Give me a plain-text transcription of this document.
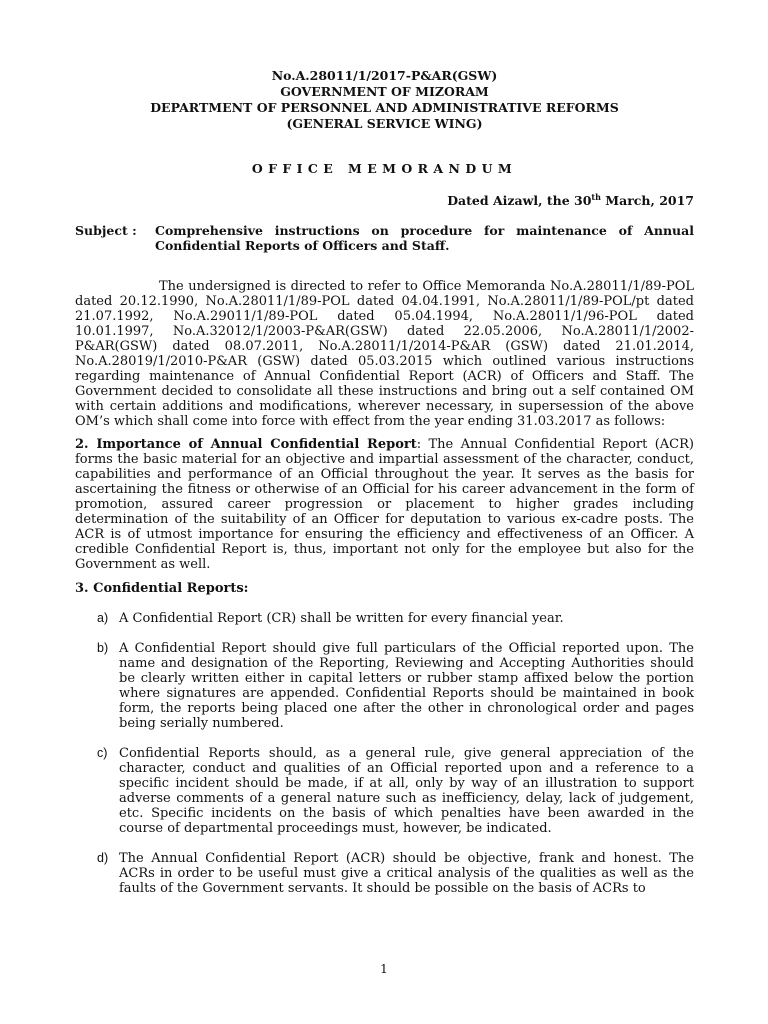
No.A.28011/1/2017-P&AR(GSW)
GOVERNMENT OF MIZORAM
DEPARTMENT OF PERSONNEL AND ADMINISTRATIVE REFORMS
(GENERAL SERVICE WING)
OFFICE MEMORANDUM
Dated Aizawl, the 30th March, 2017
Subject :	Comprehensive instructions on procedure for maintenance of Annual Confidential Reports of Officers and Staff.

The undersigned is directed to refer to Office Memoranda No.A.28011/1/89-POL dated 20.12.1990, No.A.28011/1/89-POL dated 04.04.1991, No.A.28011/1/89-POL/pt dated 21.07.1992, No.A.29011/1/89-POL dated 05.04.1994, No.A.28011/1/96-POL dated 10.01.1997, No.A.32012/1/2003-P&AR(GSW) dated 22.05.2006, No.A.28011/1/2002-P&AR(GSW) dated 08.07.2011, No.A.28011/1/2014-P&AR (GSW) dated 21.01.2014, No.A.28019/1/2010-P&AR (GSW) dated 05.03.2015 which outlined various instructions regarding maintenance of Annual Confidential Report (ACR) of Officers and Staff. The Government decided to consolidate all these instructions and bring out a self contained OM with certain additions and modifications, wherever necessary, in supersession of the above OM’s which shall come into force with effect from the year ending 31.03.2017 as follows:

2. Importance of Annual Confidential Report: The Annual Confidential Report (ACR) forms the basic material for an objective and impartial assessment of the character, conduct, capabilities and performance of an Official throughout the year. It serves as the basis for ascertaining the fitness or otherwise of an Official for his career advancement in the form of promotion, assured career progression or placement to higher grades including determination of the suitability of an Officer for deputation to various ex-cadre posts. The ACR is of utmost importance for ensuring the efficiency and effectiveness of an Officer. A credible Confidential Report is, thus, important not only for the employee but also for the Government as well.

3. Confidential Reports:
a) A Confidential Report (CR) shall be written for every financial year.
b) A Confidential Report should give full particulars of the Official reported upon. The name and designation of the Reporting, Reviewing and Accepting Authorities should be clearly written either in capital letters or rubber stamp affixed below the portion where signatures are appended. Confidential Reports should be maintained in book form, the reports being placed one after the other in chronological order and pages being serially numbered.
c) Confidential Reports should, as a general rule, give general appreciation of the character, conduct and qualities of an Official reported upon and a reference to a specific incident should be made, if at all, only by way of an illustration to support adverse comments of a general nature such as inefficiency, delay, lack of judgement, etc. Specific incidents on the basis of which penalties have been awarded in the course of departmental proceedings must, however, be indicated.
d) The Annual Confidential Report (ACR) should be objective, frank and honest. The ACRs in order to be useful must give a critical analysis of the qualities as well as the faults of the Government servants. It should be possible on the basis of ACRs to
1
